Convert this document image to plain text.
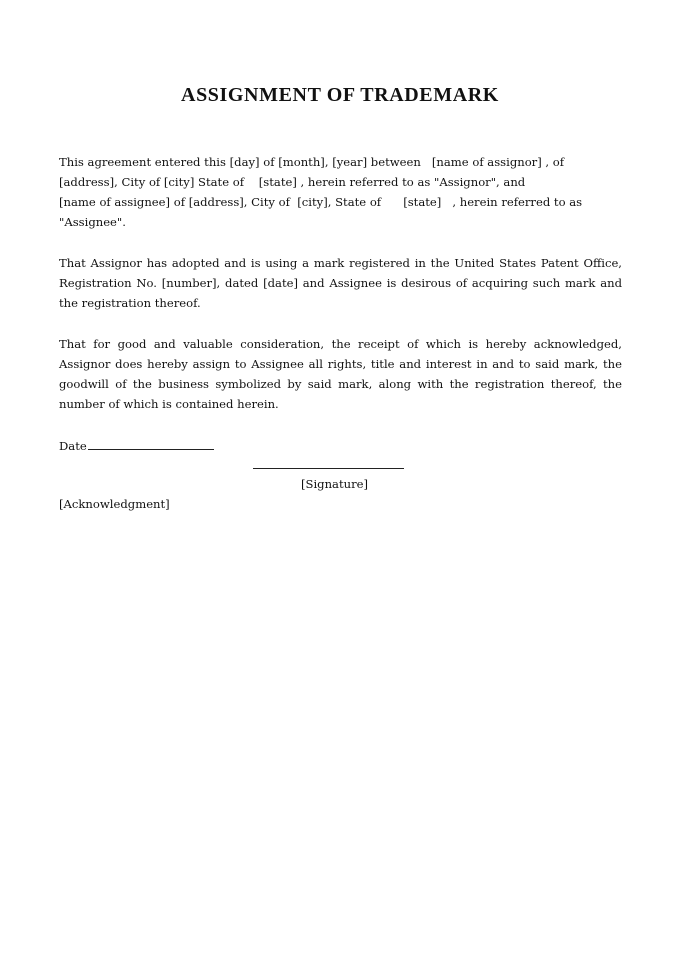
ASSIGNMENT OF TRADEMARK

This agreement entered this [day] of [month], [year] between   [name of assignor] , of
[address], City of [city] State of    [state] , herein referred to as "Assignor", and
[name of assignee] of [address], City of  [city], State of      [state]   , herein referred to as
"Assignee".

That Assignor has adopted and is using a mark registered in the United States Patent Office, Registration No. [number], dated [date] and Assignee is desirous of acquiring such mark and the registration thereof.

That for good and valuable consideration, the receipt of which is hereby acknowledged, Assignor does hereby assign to Assignee all rights, title and interest in and to said mark, the goodwill of the business symbolized by said mark, along with the registration thereof, the number of which is contained herein.

Date
[Signature]
[Acknowledgment]
